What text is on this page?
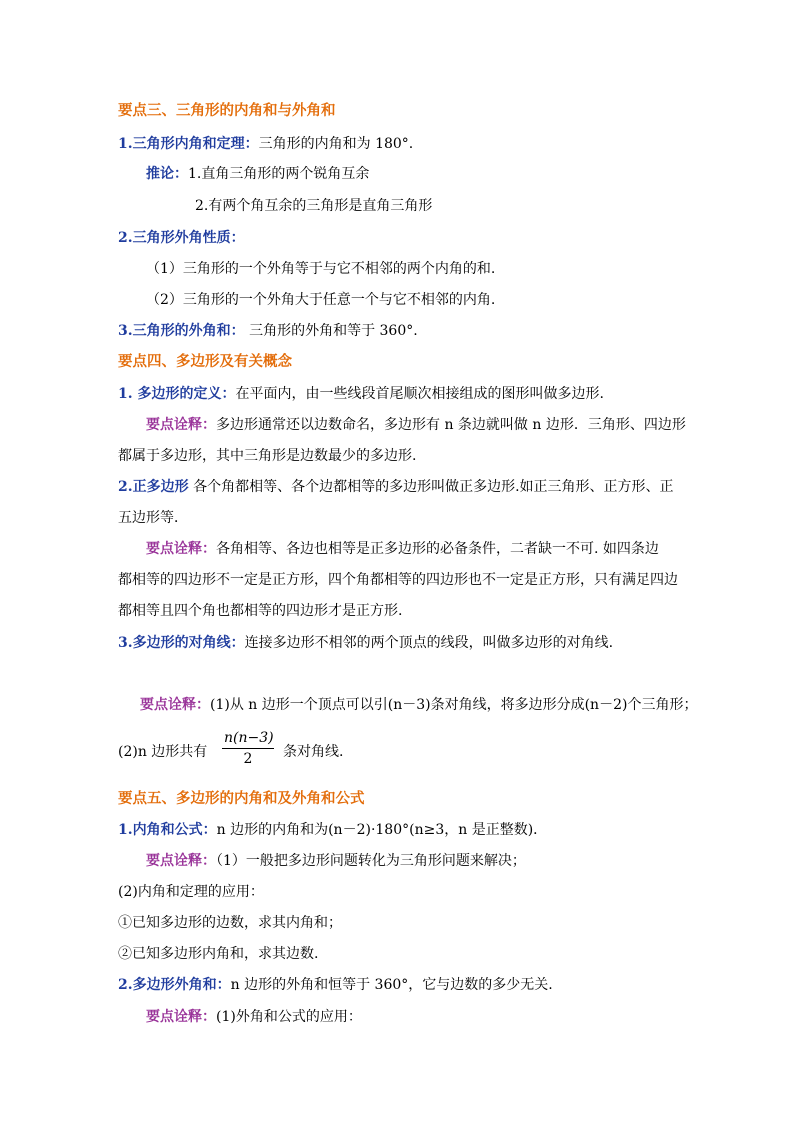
要点三、三角形的内角和与外角和
1.三角形内角和定理：三角形的内角和为 180°.
推论：1.直角三角形的两个锐角互余
2.有两个角互余的三角形是直角三角形
2.三角形外角性质：
（1）三角形的一个外角等于与它不相邻的两个内角的和.
（2）三角形的一个外角大于任意一个与它不相邻的内角.
3.三角形的外角和： 三角形的外角和等于 360°.
要点四、多边形及有关概念
1. 多边形的定义：在平面内，由一些线段首尾顺次相接组成的图形叫做多边形.
要点诠释：多边形通常还以边数命名，多边形有 n 条边就叫做 n 边形．三角形、四边形
都属于多边形，其中三角形是边数最少的多边形.
2.正多边形 各个角都相等、各个边都相等的多边形叫做正多边形.如正三角形、正方形、正
五边形等．
要点诠释：各角相等、各边也相等是正多边形的必备条件，二者缺一不可. 如四条边
都相等的四边形不一定是正方形，四个角都相等的四边形也不一定是正方形，只有满足四边
都相等且四个角也都相等的四边形才是正方形.
3.多边形的对角线：连接多边形不相邻的两个顶点的线段，叫做多边形的对角线.
要点诠释：(1)从 n 边形一个顶点可以引(n－3)条对角线，将多边形分成(n－2)个三角形；
(2)n 边形共有
n(n−3)
2	条对角线.
要点五、多边形的内角和及外角和公式
1.内角和公式：n 边形的内角和为(n－2)·180°(n≥3，n 是正整数)．
要点诠释：（1）一般把多边形问题转化为三角形问题来解决；
(2)内角和定理的应用：
①已知多边形的边数，求其内角和；
②已知多边形内角和，求其边数.
2.多边形外角和：n 边形的外角和恒等于 360°，它与边数的多少无关.
要点诠释：(1)外角和公式的应用：
